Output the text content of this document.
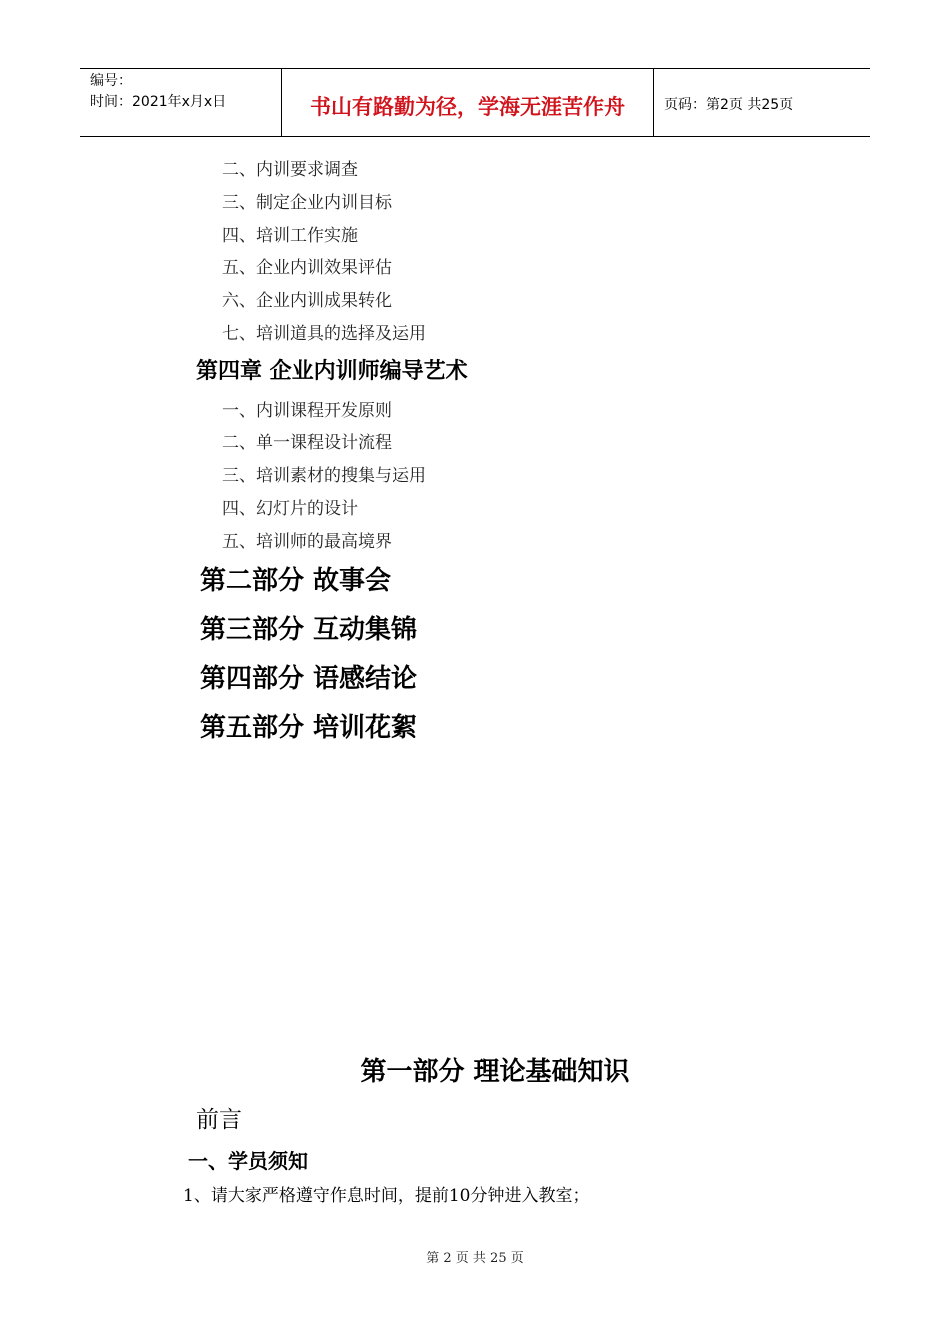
编号：
时间：2021年x月x日	书山有路勤为径，学海无涯苦作舟	页码：第2页 共25页
二、内训要求调查
三、制定企业内训目标
四、培训工作实施
五、企业内训效果评估
六、企业内训成果转化
七、培训道具的选择及运用
第四章 企业内训师编导艺术
一、内训课程开发原则
二、单一课程设计流程
三、培训素材的搜集与运用
四、幻灯片的设计
五、培训师的最高境界
第二部分 故事会
第三部分 互动集锦
第四部分 语感结论
第五部分 培训花絮
第一部分 理论基础知识
前言
一、学员须知
1、请大家严格遵守作息时间，提前10分钟进入教室；
第 2 页 共 25 页
